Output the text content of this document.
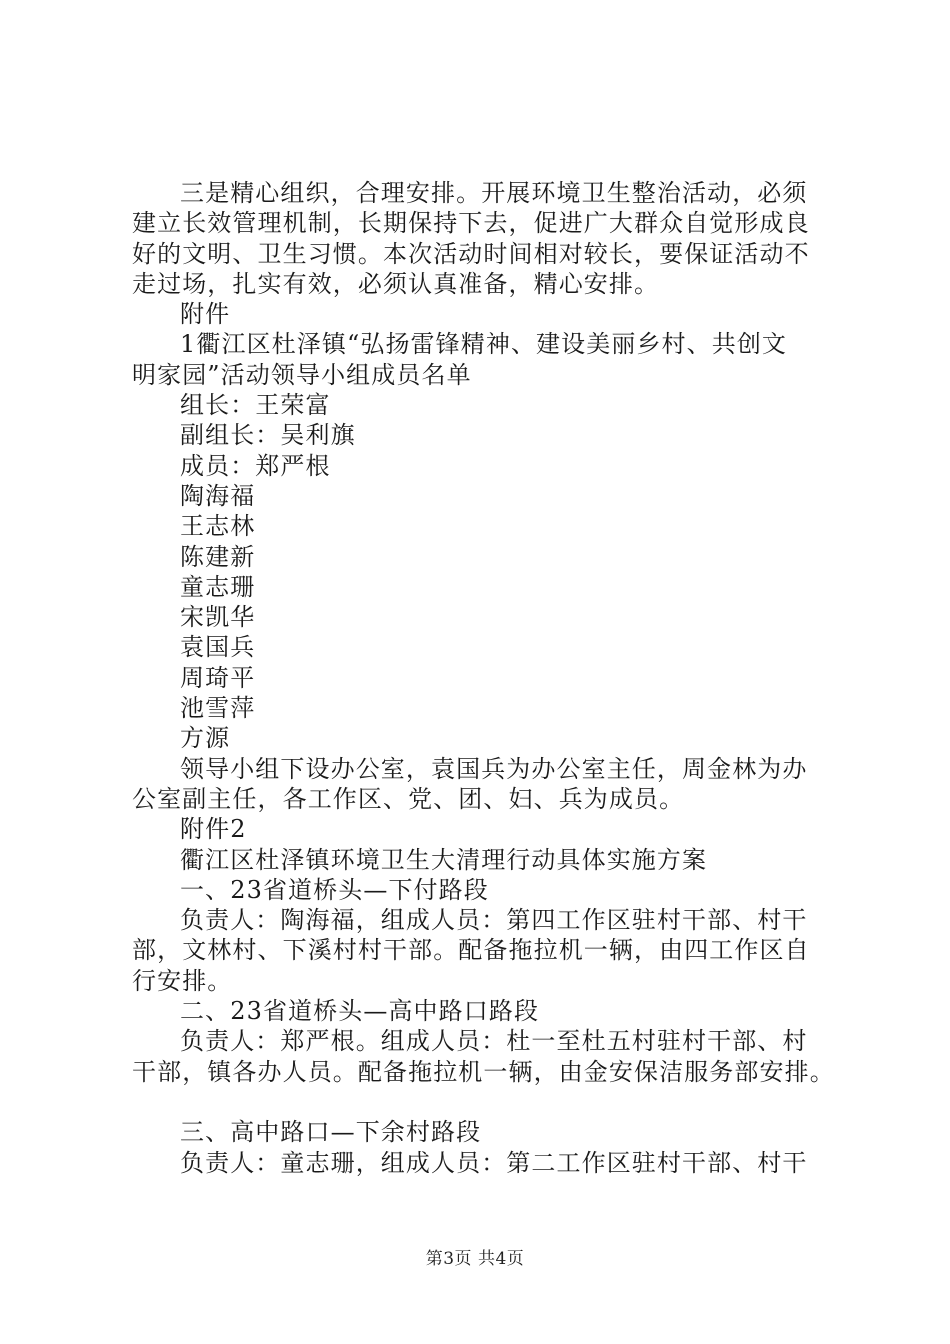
三是精心组织，合理安排。开展环境卫生整治活动，必须
建立长效管理机制，长期保持下去，促进广大群众自觉形成良
好的文明、卫生习惯。本次活动时间相对较长，要保证活动不
走过场，扎实有效，必须认真准备，精心安排。
附件
1衢江区杜泽镇“弘扬雷锋精神、建设美丽乡村、共创文
明家园”活动领导小组成员名单
组长：王荣富
副组长：吴利旗
成员：郑严根
陶海福
王志林
陈建新
童志珊
宋凯华
袁国兵
周琦平
池雪萍
方源
领导小组下设办公室，袁国兵为办公室主任，周金林为办
公室副主任，各工作区、党、团、妇、兵为成员。
附件2
衢江区杜泽镇环境卫生大清理行动具体实施方案
一、23省道桥头—下付路段
负责人：陶海福，组成人员：第四工作区驻村干部、村干
部，文林村、下溪村村干部。配备拖拉机一辆，由四工作区自
行安排。
二、23省道桥头—高中路口路段
负责人：郑严根。组成人员：杜一至杜五村驻村干部、村
干部，镇各办人员。配备拖拉机一辆，由金安保洁服务部安排。
三、高中路口—下余村路段
负责人：童志珊，组成人员：第二工作区驻村干部、村干
第3页 共4页
